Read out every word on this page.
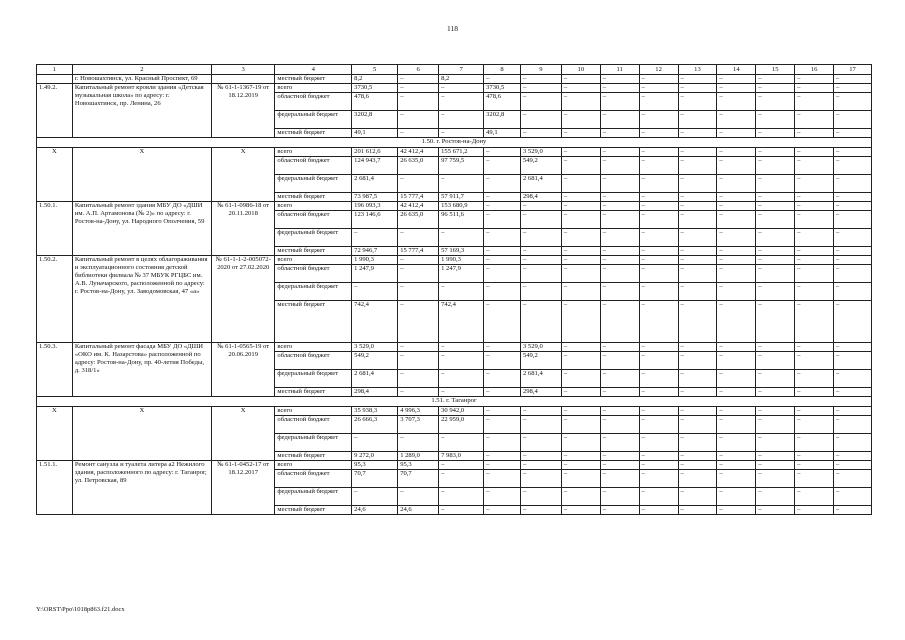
118
1	2	3	4	5	6	7	8	9	10	11	12	13	14	15	16	17
	г. Новошахтинск, ул. Красный Проспект, 69		местный бюджет	8,2	–	8,2	–	–	–	–	–	–	–	–	–	–
1.49.2.	Капитальный ремонт кровли здания «Детская музыкальная школа» по адресу: г. Новошахтинск, пр. Ленина, 26	№ 61-1-1367-19 от 18.12.2019	всего	3730,5	–	–	3730,5	–	–	–	–	–	–	–	–	–
			областной бюджет	478,6	–	–	478,6	–	–	–	–	–	–	–	–	–
			федеральный бюджет	3202,8	–	–	3202,8	–	–	–	–	–	–	–	–	–
			местный бюджет	49,1	–	–	49,1	–	–	–	–	–	–	–	–	–
1.50. г. Ростов-на-Дону																
Х	Х	Х	всего	201 612,6	42 412,4	155 671,2	–	3 529,0	–	–	–	–	–	–	–	–
			областной бюджет	124 943,7	26 635,0	97 759,5	–	549,2	–	–	–	–	–	–	–	–
			федеральный бюджет	2 681,4	–	–	–	2 681,4	–	–	–	–	–	–	–	–
			местный бюджет	73 987,5	15 777,4	57 911,7	–	298,4	–	–	–	–	–	–	–	–
1.50.1.	Капитальный ремонт здания МБУ ДО «ДШИ им. А.П. Артамонова (№ 2)» по адресу: г. Ростов-на-Дону, ул. Народного Ополчения, 59	№ 61-1-0986-18 от 20.11.2018	всего	196 093,3	42 412,4	153 680,9	–	–	–	–	–	–	–	–	–	–
			областной бюджет	123 146,6	26 635,0	96 511,6	–	–	–	–	–	–	–	–	–	–
			федеральный бюджет	–	–	–	–	–	–	–	–	–	–	–	–	–
			местный бюджет	72 946,7	15 777,4	57 169,3	–	–	–	–	–	–	–	–	–	–
1.50.2.	Капитальный ремонт в целях облагораживания и эксплуатационного состояния детской библиотеки филиала № 37 МБУК РГЦБС им. А.В. Луначарского, расположенной по адресу: г. Ростов-на-Дону, ул. Заводомовская, 47 «а»	№ 61-1-1-2-005072-2020 от 27.02.2020	всего	1 990,3	–	1 990,3	–	–	–	–	–	–	–	–	–	–
			областной бюджет	1 247,9	–	1 247,9	–	–	–	–	–	–	–	–	–	–
			федеральный бюджет	–	–	–	–	–	–	–	–	–	–	–	–	–
			местный бюджет	742,4	–	742,4	–	–	–	–	–	–	–	–	–	–
1.50.3.	Капитальный ремонт фасада МБУ ДО «ДШИ «ОКО им. К. Назарстова» расположенной по адресу: Ростов-на-Дону, пр. 40-летия Победы, д. 318/1»	№ 61-1-0565-19 от 20.06.2019	всего	3 529,0	–	–	–	3 529,0	–	–	–	–	–	–	–	–
			областной бюджет	549,2	–	–	–	549,2	–	–	–	–	–	–	–	–
			федеральный бюджет	2 681,4	–	–	–	2 681,4	–	–	–	–	–	–	–	–
			местный бюджет	298,4	–	–	–	298,4	–	–	–	–	–	–	–	–
1.51. г. Таганрог																
Х	Х	Х	всего	35 938,3	4 996,3	30 942,0	–	–	–	–	–	–	–	–	–	–
			областной бюджет	26 666,3	3 707,3	22 959,0	–	–	–	–	–	–	–	–	–	–
			федеральный бюджет	–	–	–	–	–	–	–	–	–	–	–	–	–
			местный бюджет	9 272,0	1 289,0	7 983,0	–	–	–	–	–	–	–	–	–	–
1.51.1.	Ремонт санузла и туалета литера а2 Нежилого здания, расположенного по адресу: г. Таганрог, ул. Петровская, 89	№ 61-1-0452-17 от 18.12.2017	всего	95,3	95,3	–	–	–	–	–	–	–	–	–	–	–
			областной бюджет	70,7	70,7	–	–	–	–	–	–	–	–	–	–	–
			федеральный бюджет	–	–	–	–	–	–	–	–	–	–	–	–	–
			местный бюджет	24,6	24,6	–	–	–	–	–	–	–	–	–	–	–
Y:\ORST\Ppo\1018p863.f21.docx
